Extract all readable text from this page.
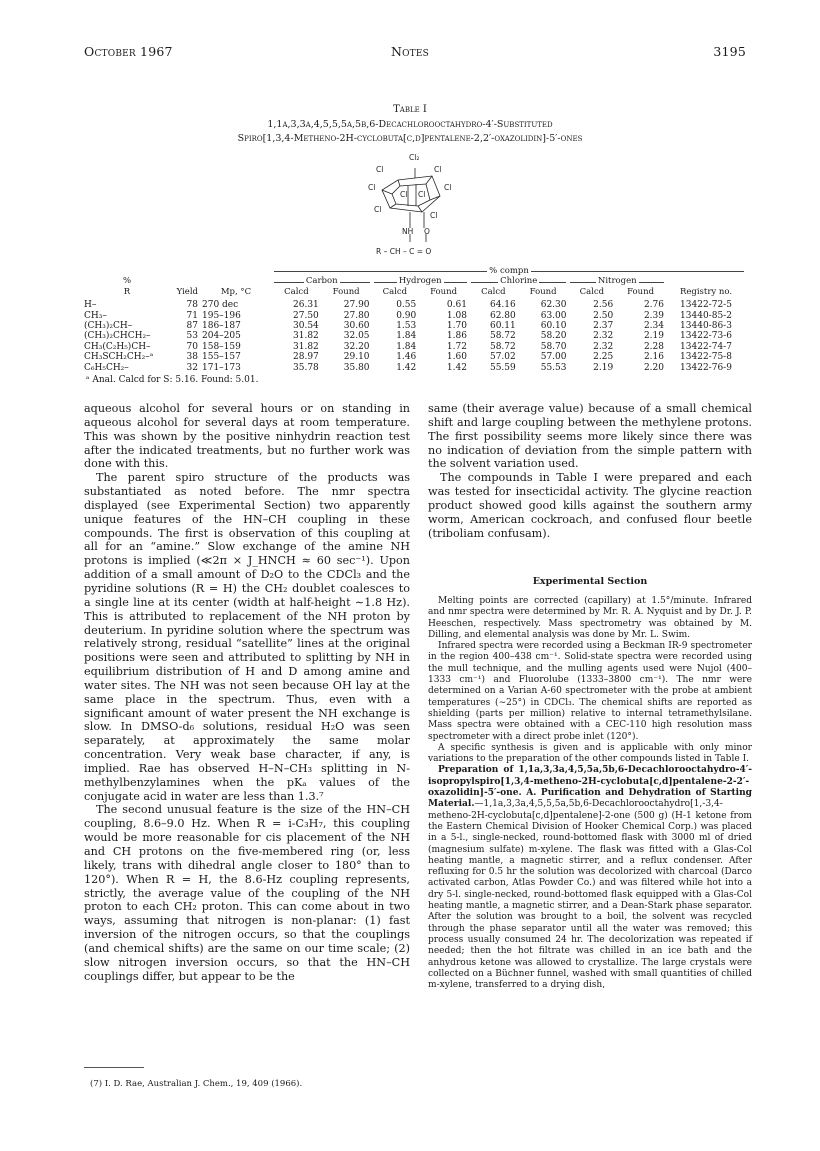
October 1967	Notes	3195
Table I
1,1a,3,3a,4,5,5,5a,5b,6-Decachlorooctahydro-4′-Substituted
Spiro[1,3,4-Metheno-2H-cyclobuta[c,d]pentalene-2,2′-oxazolidin]-5′-ones
Cl₂
Cl	Cl
Cl	Cl
Cl Cl
Cl
Cl
NH O
R – CH – C = O
			% compn								
%			Carbon		Hydrogen		Chlorine		Nitrogen		
R	Yield	Mp, °C	Calcd	Found	Calcd	Found	Calcd	Found	Calcd	Found	Registry no.
H–	78	270 dec	26.31	27.90	0.55	0.61	64.16	62.30	2.56	2.76	13422-72-5
CH₃–	71	195–196	27.50	27.80	0.90	1.08	62.80	63.00	2.50	2.39	13440-85-2
(CH₃)₂CH–	87	186–187	30.54	30.60	1.53	1.70	60.11	60.10	2.37	2.34	13440-86-3
(CH₃)₂CHCH₂–	53	204–205	31.82	32.05	1.84	1.86	58.72	58.20	2.32	2.19	13422-73-6
CH₃(C₂H₅)CH–	70	158–159	31.82	32.20	1.84	1.72	58.72	58.70	2.32	2.28	13422-74-7
CH₃SCH₂CH₂–ᵃ	38	155–157	28.97	29.10	1.46	1.60	57.02	57.00	2.25	2.16	13422-75-8
C₆H₅CH₂–	32	171–173	35.78	35.80	1.42	1.42	55.59	55.53	2.19	2.20	13422-76-9
ᵃ Anal. Calcd for S: 5.16. Found: 5.01.

aqueous alcohol for several hours or on standing in aqueous alcohol for several days at room temperature. This was shown by the positive ninhydrin reaction test after the indicated treatments, but no further work was done with this.

The parent spiro structure of the products was substantiated as noted before. The nmr spectra displayed (see Experimental Section) two apparently unique features of the HN–CH coupling in these compounds. The first is observation of this coupling at all for an “amine.” Slow exchange of the amine NH protons is implied (≪2π × J_HNCH ≈ 60 sec⁻¹). Upon addition of a small amount of D₂O to the CDCl₃ and the pyridine solutions (R = H) the CH₂ doublet coalesces to a single line at its center (width at half-height ∼1.8 Hz). This is attributed to replacement of the NH proton by deuterium. In pyridine solution where the spectrum was relatively strong, residual “satellite” lines at the original positions were seen and attributed to splitting by NH in equilibrium distribution of H and D among amine and water sites. The NH was not seen because OH lay at the same place in the spectrum. Thus, even with a significant amount of water present the NH exchange is slow. In DMSO-d₆ solutions, residual H₂O was seen separately, at approximately the same molar concentration. Very weak base character, if any, is implied. Rae has observed H–N–CH₃ splitting in N-methylbenzylamines when the pKₐ values of the conjugate acid in water are less than 1.3.⁷

The second unusual feature is the size of the HN–CH coupling, 8.6–9.0 Hz. When R = i-C₃H₇, this coupling would be more reasonable for cis placement of the NH and CH protons on the five-membered ring (or, less likely, trans with dihedral angle closer to 180° than to 120°). When R = H, the 8.6-Hz coupling represents, strictly, the average value of the coupling of the NH proton to each CH₂ proton. This can come about in two ways, assuming that nitrogen is non-planar: (1) fast inversion of the nitrogen occurs, so that the couplings (and chemical shifts) are the same on our time scale; (2) slow nitrogen inversion occurs, so that the HN–CH couplings differ, but appear to be the

(7) I. D. Rae, Australian J. Chem., 19, 409 (1966).

same (their average value) because of a small chemical shift and large coupling between the methylene protons. The first possibility seems more likely since there was no indication of deviation from the simple pattern with the solvent variation used.

The compounds in Table I were prepared and each was tested for insecticidal activity. The glycine reaction product showed good kills against the southern army worm, American cockroach, and confused flour beetle (triboliam confusam).

Experimental Section

Melting points are corrected (capillary) at 1.5°/minute. Infrared and nmr spectra were determined by Mr. R. A. Nyquist and by Dr. J. P. Heeschen, respectively. Mass spectrometry was obtained by M. Dilling, and elemental analysis was done by Mr. L. Swim.

Infrared spectra were recorded using a Beckman IR-9 spectrometer in the region 400–438 cm⁻¹. Solid-state spectra were recorded using the mull technique, and the mulling agents used were Nujol (400–1333 cm⁻¹) and Fluorolube (1333–3800 cm⁻¹). The nmr were determined on a Varian A-60 spectrometer with the probe at ambient temperatures (∼25°) in CDCl₃. The chemical shifts are reported as shielding (parts per million) relative to internal tetramethylsilane. Mass spectra were obtained with a CEC-110 high resolution mass spectrometer with a direct probe inlet (120°).

A specific synthesis is given and is applicable with only minor variations to the preparation of the other compounds listed in Table I.

Preparation of 1,1a,3,3a,4,5,5a,5b,6-Decachlorooctahydro-4′-isopropylspiro[1,3,4-metheno-2H-cyclobuta[c,d]pentalene-2-2′-oxazolidin]-5′-one. A. Purification and Dehydration of Starting Material.—1,1a,3,3a,4,5,5,5a,5b,6-Decachlorooctahydro[1,-3,4-metheno-2H-cyclobuta[c,d]pentalene]-2-one (500 g) (H-1 ketone from the Eastern Chemical Division of Hooker Chemical Corp.) was placed in a 5-l., single-necked, round-bottomed flask with 3000 ml of dried (magnesium sulfate) m-xylene. The flask was fitted with a Glas-Col heating mantle, a magnetic stirrer, and a reflux condenser. After refluxing for 0.5 hr the solution was decolorized with charcoal (Darco activated carbon, Atlas Powder Co.) and was filtered while hot into a dry 5-l. single-necked, round-bottomed flask equipped with a Glas-Col heating mantle, a magnetic stirrer, and a Dean-Stark phase separator. After the solution was brought to a boil, the solvent was recycled through the phase separator until all the water was removed; this process usually consumed 24 hr. The decolorization was repeated if needed; then the hot filtrate was chilled in an ice bath and the anhydrous ketone was allowed to crystallize. The large crystals were collected on a Büchner funnel, washed with small quantities of chilled m-xylene, transferred to a drying dish,
